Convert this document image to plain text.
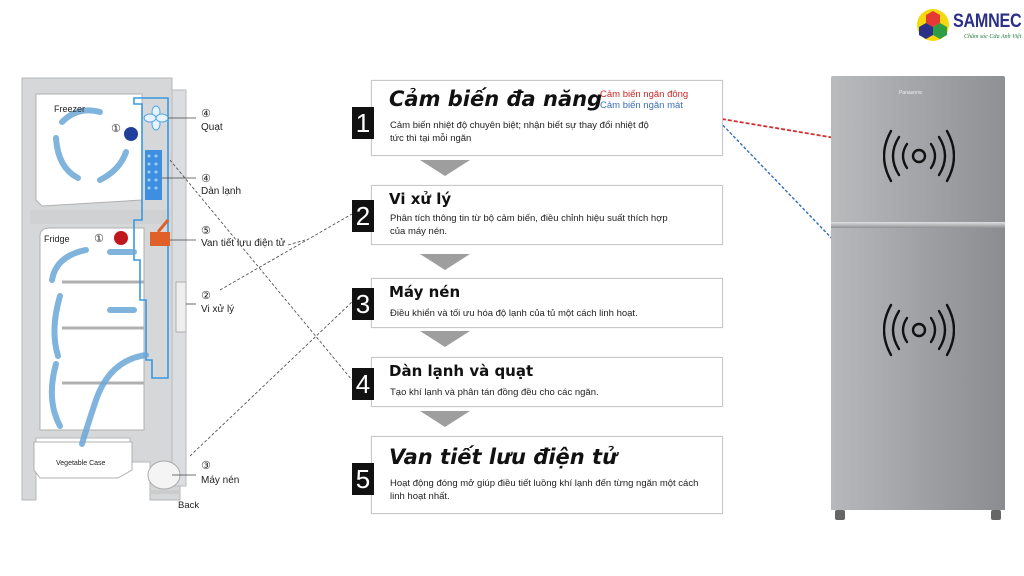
SAMNEC
Chăm sóc Cửa Anh Việt
Freezer
Fridge
Vegetable Case
Back
①
①
④
Quạt
④
Dàn lạnh
⑤
Van tiết lưu điện tử
②
Vi xử lý
③
Máy nén
1
Cảm biến đa năng
Cảm biến nhiệt độ chuyên biệt; nhận biết sự thay đổi nhiệt độ tức thì tại mỗi ngăn
Cảm biến ngăn đông
Cảm biến ngăn mát
2
Vi xử lý
Phân tích thông tin từ bộ cảm biến, điều chỉnh hiệu suất thích hợp của máy nén.
3 Máy nén
Điều khiển và tối ưu hóa độ lạnh của tủ một cách linh hoạt.
4 Dàn lạnh và quạt
Tạo khí lạnh và phân tán đồng đều cho các ngăn.
5
Van tiết lưu điện tử
Hoạt động đóng mở giúp điều tiết luồng khí lạnh đến từng ngăn một cách linh hoạt nhất.
Panasonic
